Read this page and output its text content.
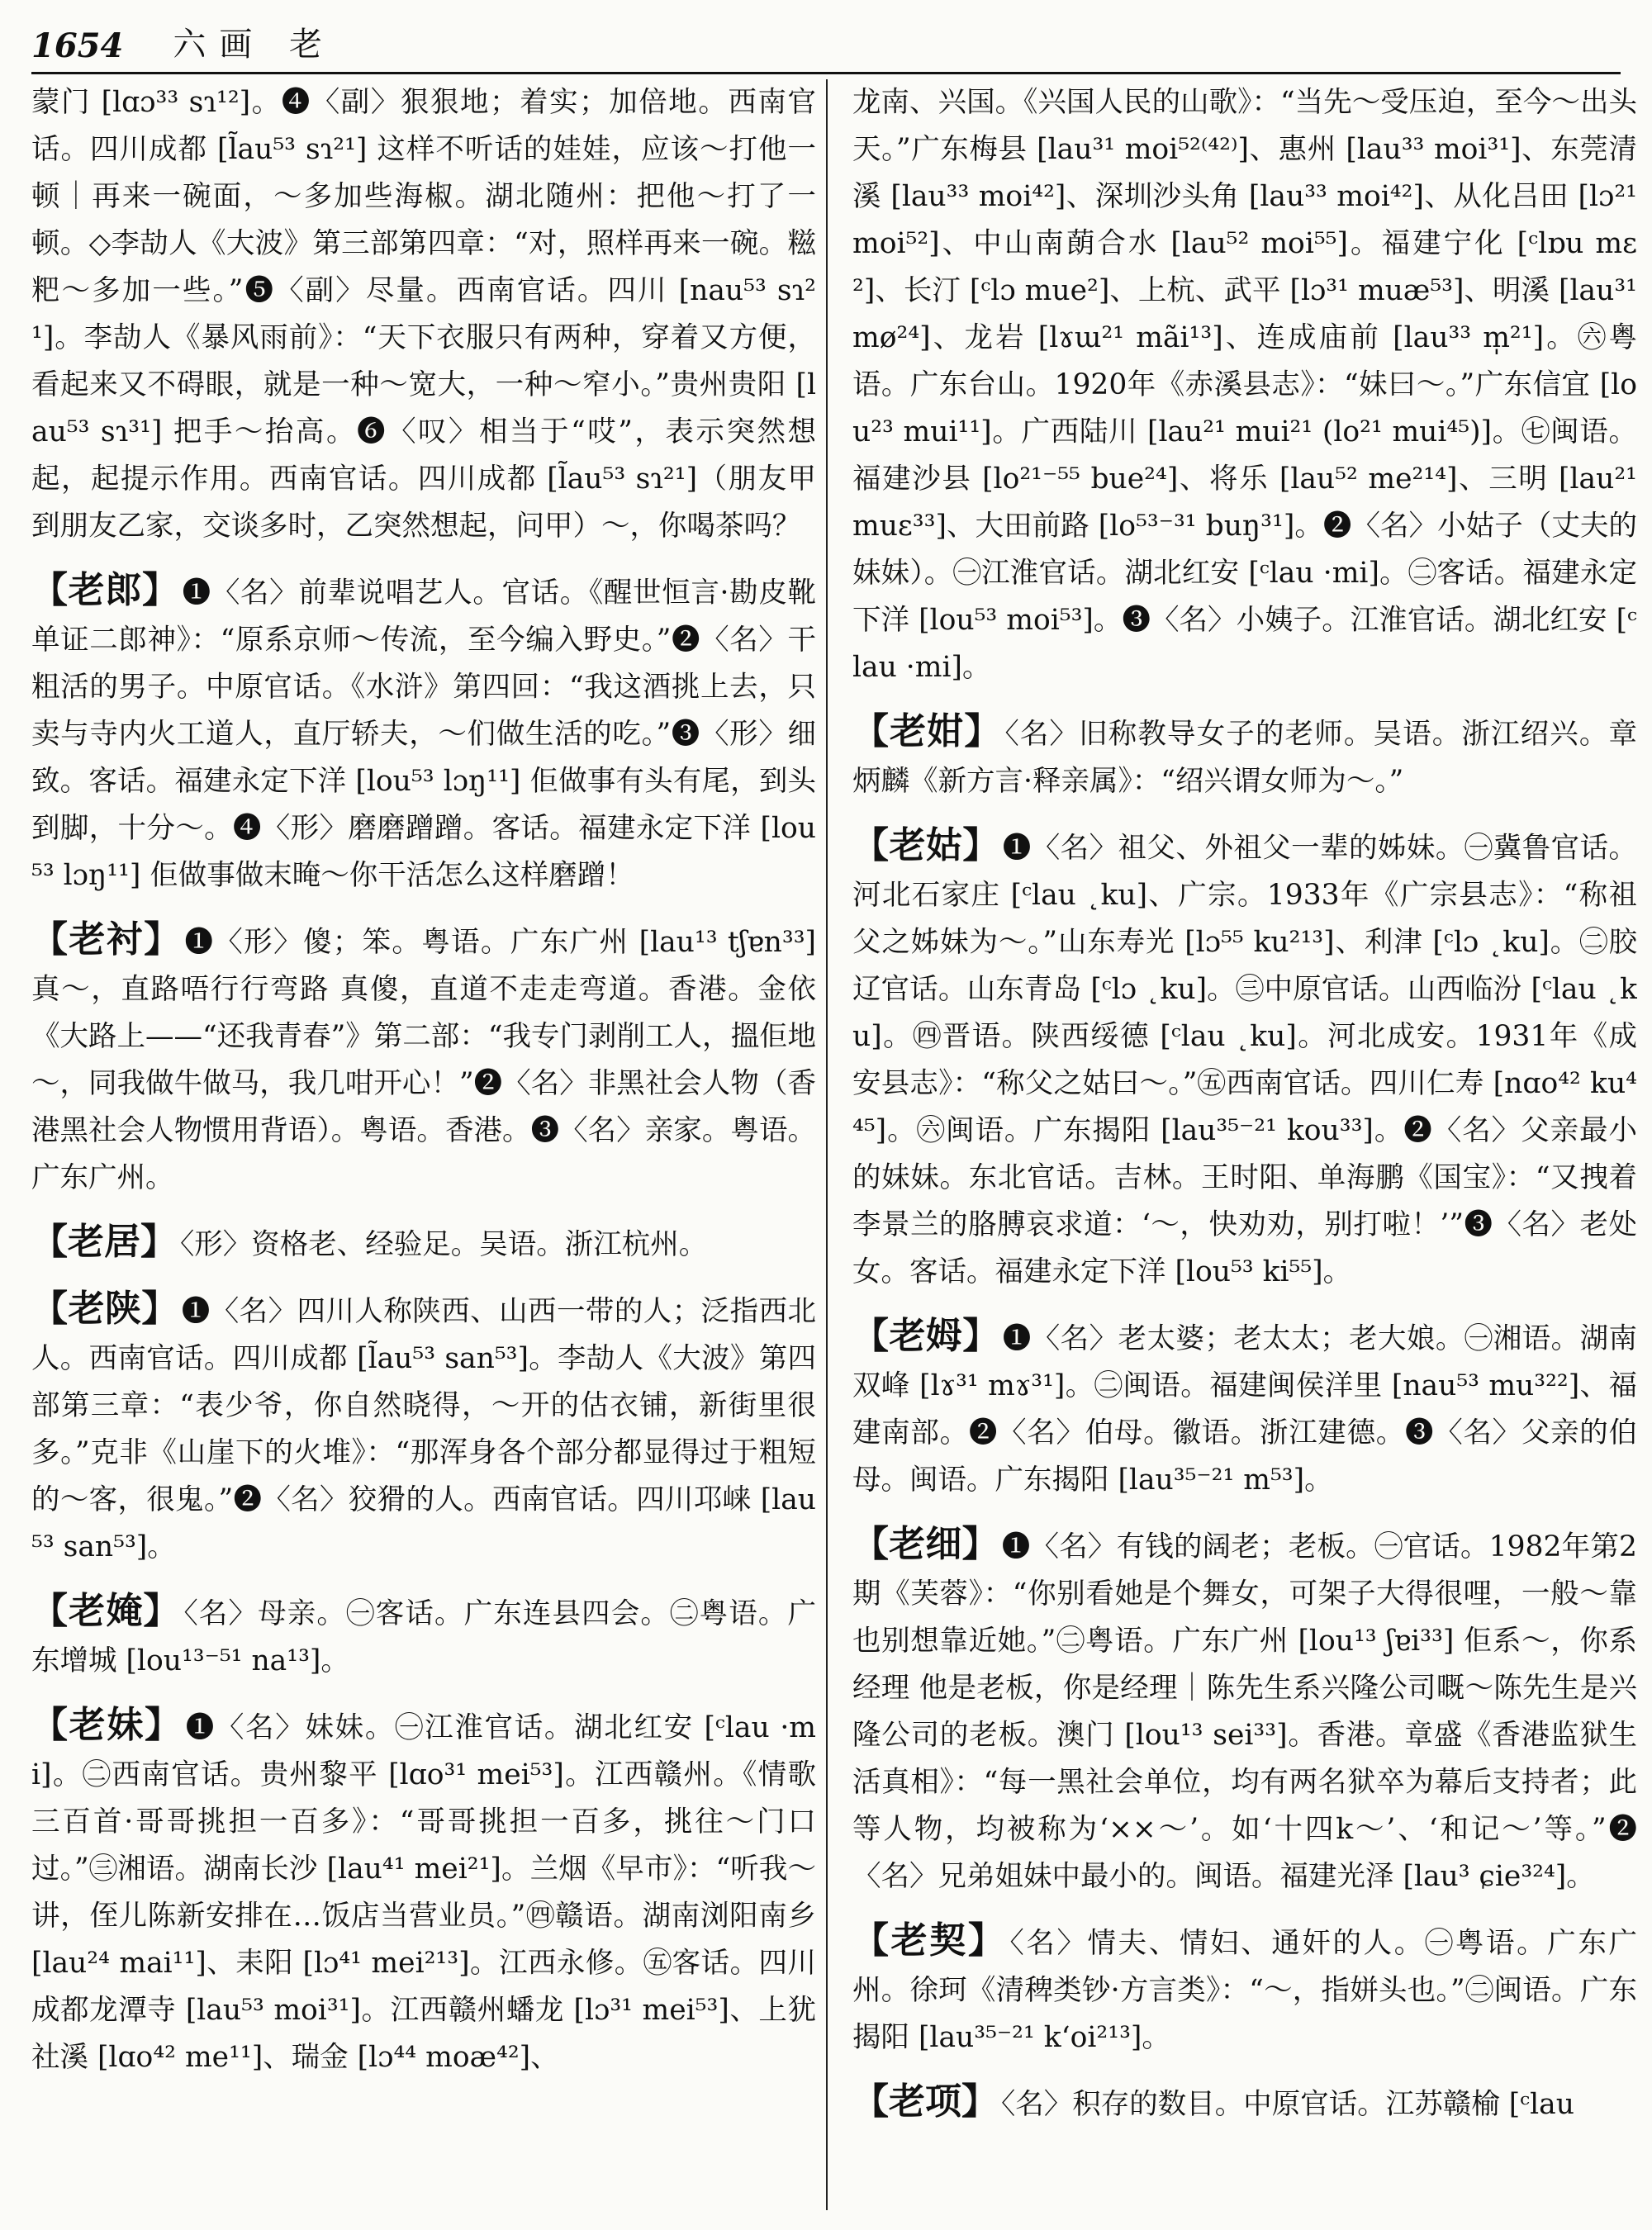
1654 六画 老
蒙门 [lɑɔ³³ sɿ¹²]。❹〈副〉狠狠地；着实；加倍地。西南官话。四川成都 [l̃au⁵³ sɿ²¹] 这样不听话的娃娃，应该～打他一顿｜再来一碗面，～多加些海椒。湖北随州：把他～打了一顿。◇李劼人《大波》第三部第四章：“对，照样再来一碗。糍粑～多加一些。”❺〈副〉尽量。西南官话。四川 [nau⁵³ sɿ²¹]。李劼人《暴风雨前》：“天下衣服只有两种，穿着又方便，看起来又不碍眼，就是一种～宽大，一种～窄小。”贵州贵阳 [lau⁵³ sɿ³¹] 把手～抬高。❻〈叹〉相当于“哎”，表示突然想起，起提示作用。西南官话。四川成都 [l̃au⁵³ sɿ²¹]（朋友甲到朋友乙家，交谈多时，乙突然想起，问甲）～，你喝茶吗？
【老郎】 ❶〈名〉前辈说唱艺人。官话。《醒世恒言·勘皮靴单证二郎神》：“原系京师～传流，至今编入野史。”❷〈名〉干粗活的男子。中原官话。《水浒》第四回：“我这酒挑上去，只卖与寺内火工道人，直厅轿夫，～们做生活的吃。”❸〈形〉细致。客话。福建永定下洋 [lou⁵³ lɔŋ¹¹] 佢做事有头有尾，到头到脚，十分～。❹〈形〉磨磨蹭蹭。客话。福建永定下洋 [lou⁵³ lɔŋ¹¹] 佢做事做末晻～你干活怎么这样磨蹭！
【老衬】 ❶〈形〉傻；笨。粤语。广东广州 [lau¹³ tʃɐn³³] 真～，直路唔行行弯路 真傻，直道不走走弯道。香港。金依《大路上——“还我青春”》第二部：“我专门剥削工人，搵佢地～，同我做牛做马，我几咁开心！”❷〈名〉非黑社会人物（香港黑社会人物惯用背语）。粤语。香港。❸〈名〉亲家。粤语。广东广州。
【老居】 〈形〉资格老、经验足。吴语。浙江杭州。
【老陕】 ❶〈名〉四川人称陕西、山西一带的人；泛指西北人。西南官话。四川成都 [l̃au⁵³ san⁵³]。李劼人《大波》第四部第三章：“表少爷，你自然晓得，～开的估衣铺，新街里很多。”克非《山崖下的火堆》：“那浑身各个部分都显得过于粗短的～客，很鬼。”❷〈名〉狡猾的人。西南官话。四川邛崃 [lau⁵³ san⁵³]。
【老㛪】 〈名〉母亲。㊀客话。广东连县四会。㊁粤语。广东增城 [lou¹³⁻⁵¹ na¹³]。
【老妹】 ❶〈名〉妹妹。㊀江淮官话。湖北红安 [ᶜlau ·mi]。㊁西南官话。贵州黎平 [lɑo³¹ mei⁵³]。江西赣州。《情歌三百首·哥哥挑担一百多》：“哥哥挑担一百多，挑往～门口过。”㊂湘语。湖南长沙 [lau⁴¹ mei²¹]。兰烟《早市》：“听我～讲，侄儿陈新安排在…饭店当营业员。”㊃赣语。湖南浏阳南乡 [lau²⁴ mai¹¹]、耒阳 [lɔ⁴¹ mei²¹³]。江西永修。㊄客话。四川成都龙潭寺 [lau⁵³ moi³¹]。江西赣州蟠龙 [lɔ³¹ mei⁵³]、上犹社溪 [lɑo⁴² me¹¹]、瑞金 [lɔ⁴⁴ moæ⁴²]、
龙南、兴国。《兴国人民的山歌》：“当先～受压迫，至今～出头天。”广东梅县 [lau³¹ moi⁵²⁽⁴²⁾]、惠州 [lau³³ moi³¹]、东莞清溪 [lau³³ moi⁴²]、深圳沙头角 [lau³³ moi⁴²]、从化吕田 [lɔ²¹ moi⁵²]、中山南蓢合水 [lau⁵² moi⁵⁵]。福建宁化 [ᶜlɒu mɛ²]、长汀 [ᶜlɔ mue²]、上杭、武平 [lɔ³¹ muæ⁵³]、明溪 [lau³¹ mø²⁴]、龙岩 [lɤɯ²¹ mãi¹³]、连成庙前 [lau³³ m̩²¹]。㊅粤语。广东台山。1920年《赤溪县志》：“妹曰～。”广东信宜 [lou²³ mui¹¹]。广西陆川 [lau²¹ mui²¹ (lo²¹ mui⁴⁵)]。㊆闽语。福建沙县 [lo²¹⁻⁵⁵ bue²⁴]、将乐 [lau⁵² me²¹⁴]、三明 [lau²¹ muɛ³³]、大田前路 [lo⁵³⁻³¹ buŋ³¹]。❷〈名〉小姑子（丈夫的妹妹）。㊀江淮官话。湖北红安 [ᶜlau ·mi]。㊁客话。福建永定下洋 [lou⁵³ moi⁵³]。❸〈名〉小姨子。江淮官话。湖北红安 [ᶜlau ·mi]。
【老姏】 〈名〉旧称教导女子的老师。吴语。浙江绍兴。章炳麟《新方言·释亲属》：“绍兴谓女师为～。”
【老姑】 ❶〈名〉祖父、外祖父一辈的姊妹。㊀冀鲁官话。河北石家庄 [ᶜlau ˛ku]、广宗。1933年《广宗县志》：“称祖父之姊妹为～。”山东寿光 [lɔ⁵⁵ ku²¹³]、利津 [ᶜlɔ ˛ku]。㊁胶辽官话。山东青岛 [ᶜlɔ ˛ku]。㊂中原官话。山西临汾 [ᶜlau ˛ku]。㊃晋语。陕西绥德 [ᶜlau ˛ku]。河北成安。1931年《成安县志》：“称父之姑曰～。”㊄西南官话。四川仁寿 [nɑo⁴² ku⁴⁴⁵]。㊅闽语。广东揭阳 [lau³⁵⁻²¹ kou³³]。❷〈名〉父亲最小的妹妹。东北官话。吉林。王时阳、单海鹏《国宝》：“又拽着李景兰的胳膊哀求道：‘～，快劝劝，别打啦！’”❸〈名〉老处女。客话。福建永定下洋 [lou⁵³ ki⁵⁵]。
【老姆】 ❶〈名〉老太婆；老太太；老大娘。㊀湘语。湖南双峰 [lɤ³¹ mɤ³¹]。㊁闽语。福建闽侯洋里 [nau⁵³ mu³²²]、福建南部。❷〈名〉伯母。徽语。浙江建德。❸〈名〉父亲的伯母。闽语。广东揭阳 [lau³⁵⁻²¹ m⁵³]。
【老细】 ❶〈名〉有钱的阔老；老板。㊀官话。1982年第2期《芙蓉》：“你别看她是个舞女，可架子大得很哩，一般～靠也别想靠近她。”㊁粤语。广东广州 [lou¹³ ʃɐi³³] 佢系～，你系经理 他是老板，你是经理｜陈先生系兴隆公司嘅～陈先生是兴隆公司的老板。澳门 [lou¹³ sei³³]。香港。章盛《香港监狱生活真相》：“每一黑社会单位，均有两名狱卒为幕后支持者；此等人物，均被称为‘××～’。如‘十四k～’、‘和记～’等。”❷〈名〉兄弟姐妹中最小的。闽语。福建光泽 [lau³ ɕie³²⁴]。
【老契】 〈名〉情夫、情妇、通奸的人。㊀粤语。广东广州。徐珂《清稗类钞·方言类》：“～，指姘头也。”㊁闽语。广东揭阳 [lau³⁵⁻²¹ kʻoi²¹³]。
【老项】 〈名〉积存的数目。中原官话。江苏赣榆 [ᶜlau
